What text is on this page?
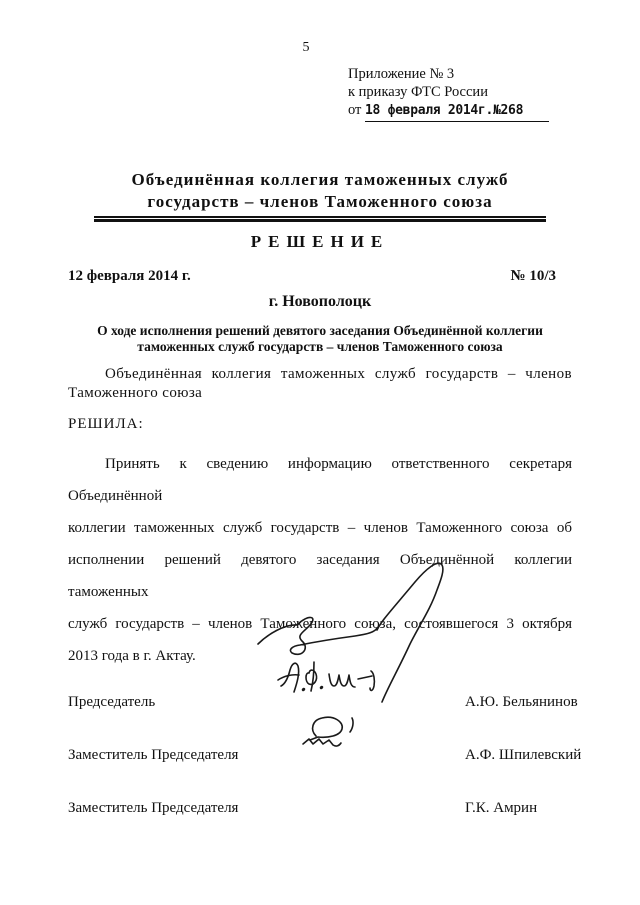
5
Приложение № 3
к приказу ФТС России
от 18 февраля 2014г.№268
Объединённая коллегия таможенных служб
государств – членов Таможенного союза
РЕШЕНИЕ
12 февраля 2014 г.	№ 10/3
г. Новополоцк
О ходе исполнения решений девятого заседания Объединённой коллегии
таможенных служб государств – членов Таможенного союза
Объединённая коллегия таможенных служб государств – членов
Таможенного союза
РЕШИЛА:
Принять к сведению информацию ответственного секретаря Объединённой
коллегии таможенных служб государств – членов Таможенного союза об
исполнении решений девятого заседания Объединённой коллегии таможенных
служб государств – членов Таможенного союза, состоявшегося 3 октября
2013 года в г. Актау.
Председатель	А.Ю. Бельянинов
Заместитель Председателя	А.Ф. Шпилевский
Заместитель Председателя	Г.К. Амрин
